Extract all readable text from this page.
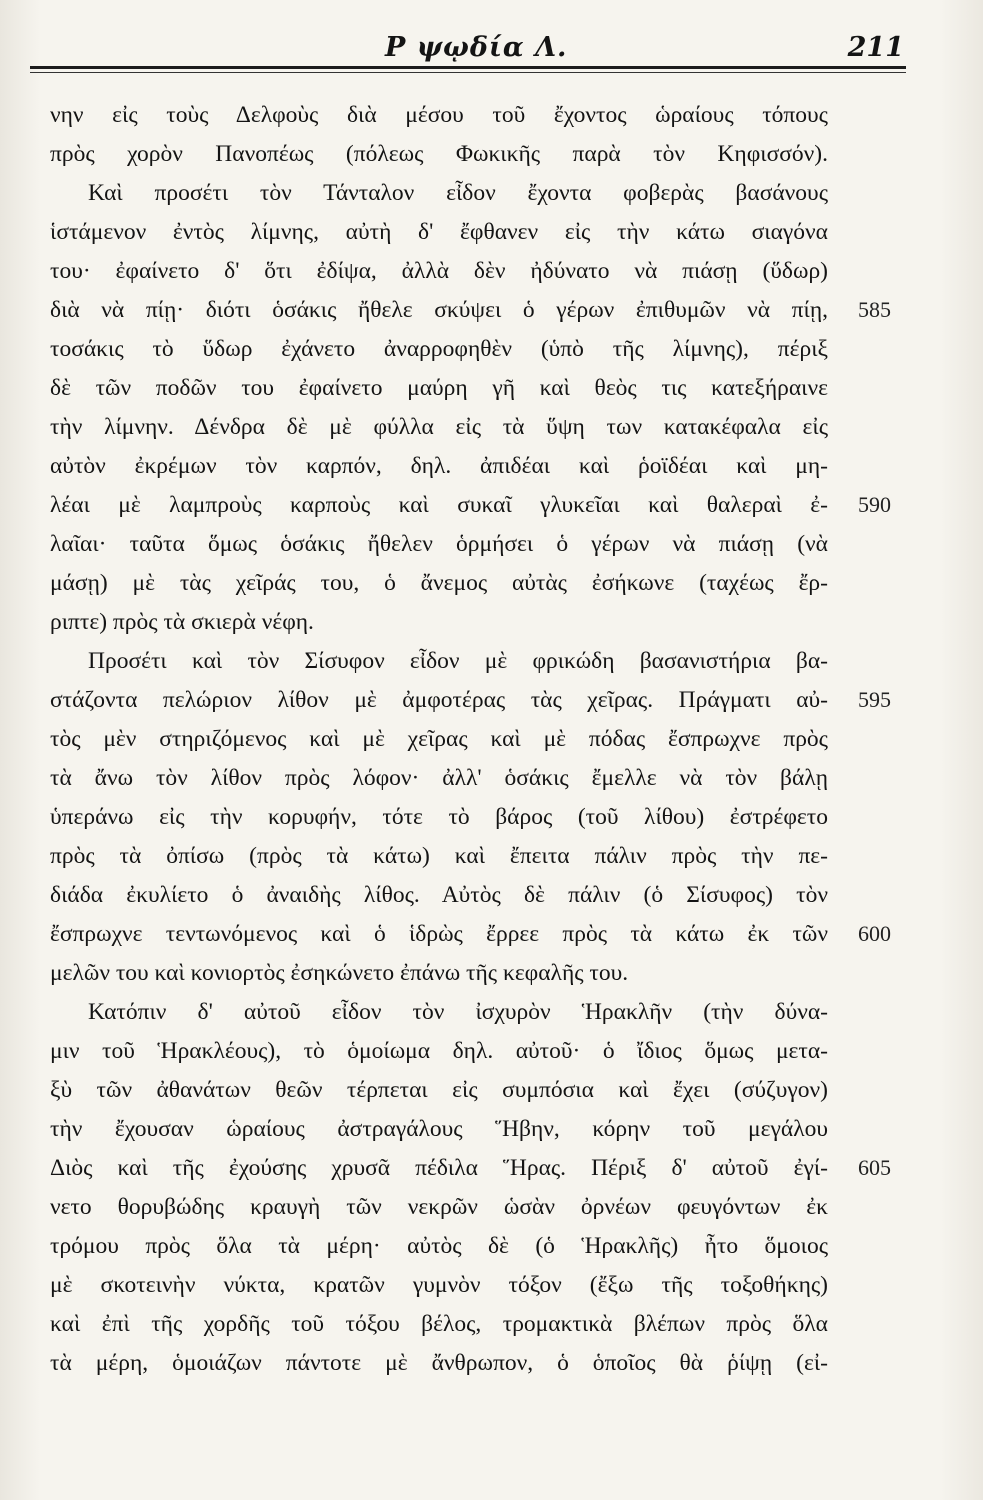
Ρ ψῳδία Λ.	211
νην εἰς τοὺς Δελφοὺς διὰ μέσου τοῦ ἔχοντος ὡραίους τόπους
πρὸς χορὸν Πανοπέως (πόλεως Φωκικῆς παρὰ τὸν Κηφισσόν).
Καὶ προσέτι τὸν Τάνταλον εἶδον ἔχοντα φοβερὰς βασάνους
ἱστάμενον ἐντὸς λίμνης, αὐτὴ δ' ἔφθανεν εἰς τὴν κάτω σιαγόνα
του· ἐφαίνετο δ' ὅτι ἐδίψα, ἀλλὰ δὲν ἠδύνατο νὰ πιάσῃ (ὕδωρ)
διὰ νὰ πίῃ· διότι ὁσάκις ἤθελε σκύψει ὁ γέρων ἐπιθυμῶν νὰ πίῃ,
τοσάκις τὸ ὕδωρ ἐχάνετο ἀναρροφηθὲν (ὑπὸ τῆς λίμνης), πέριξ
δὲ τῶν ποδῶν του ἐφαίνετο μαύρη γῆ καὶ θεὸς τις κατεξήραινε
τὴν λίμνην. Δένδρα δὲ μὲ φύλλα εἰς τὰ ὕψη των κατακέφαλα εἰς
αὐτὸν ἐκρέμων τὸν καρπόν, δηλ. ἀπιδέαι καὶ ῥοϊδέαι καὶ μη-
λέαι μὲ λαμπροὺς καρποὺς καὶ συκαῖ γλυκεῖαι καὶ θαλεραὶ ἐ-
λαῖαι· ταῦτα ὅμως ὁσάκις ἤθελεν ὁρμήσει ὁ γέρων νὰ πιάσῃ (νὰ
μάσῃ) μὲ τὰς χεῖράς του, ὁ ἄνεμος αὐτὰς ἐσήκωνε (ταχέως ἔρ-
ριπτε) πρὸς τὰ σκιερὰ νέφη.
Προσέτι καὶ τὸν Σίσυφον εἶδον μὲ φρικώδη βασανιστήρια βα-
στάζοντα πελώριον λίθον μὲ ἀμφοτέρας τὰς χεῖρας. Πράγματι αὐ-
τὸς μὲν στηριζόμενος καὶ μὲ χεῖρας καὶ μὲ πόδας ἔσπρωχνε πρὸς
τὰ ἄνω τὸν λίθον πρὸς λόφον· ἀλλ' ὁσάκις ἔμελλε νὰ τὸν βάλῃ
ὑπεράνω εἰς τὴν κορυφήν, τότε τὸ βάρος (τοῦ λίθου) ἐστρέφετο
πρὸς τὰ ὀπίσω (πρὸς τὰ κάτω) καὶ ἔπειτα πάλιν πρὸς τὴν πε-
διάδα ἐκυλίετο ὁ ἀναιδὴς λίθος. Αὐτὸς δὲ πάλιν (ὁ Σίσυφος) τὸν
ἔσπρωχνε τεντωνόμενος καὶ ὁ ἱδρὼς ἔρρεε πρὸς τὰ κάτω ἐκ τῶν
μελῶν του καὶ κονιορτὸς ἐσηκώνετο ἐπάνω τῆς κεφαλῆς του.
Κατόπιν δ' αὐτοῦ εἶδον τὸν ἰσχυρὸν Ἡρακλῆν (τὴν δύνα-
μιν τοῦ Ἡρακλέους), τὸ ὁμοίωμα δηλ. αὐτοῦ· ὁ ἴδιος ὅμως μετα-
ξὺ τῶν ἀθανάτων θεῶν τέρπεται εἰς συμπόσια καὶ ἔχει (σύζυγον)
τὴν ἔχουσαν ὡραίους ἀστραγάλους Ἥβην, κόρην τοῦ μεγάλου
Διὸς καὶ τῆς ἐχούσης χρυσᾶ πέδιλα Ἥρας. Πέριξ δ' αὐτοῦ ἐγί-
νετο θορυβώδης κραυγὴ τῶν νεκρῶν ὡσὰν ὀρνέων φευγόντων ἐκ
τρόμου πρὸς ὅλα τὰ μέρη· αὐτὸς δὲ (ὁ Ἡρακλῆς) ἦτο ὅμοιος
μὲ σκοτεινὴν νύκτα, κρατῶν γυμνὸν τόξον (ἔξω τῆς τοξοθήκης)
καὶ ἐπὶ τῆς χορδῆς τοῦ τόξου βέλος, τρομακτικὰ βλέπων πρὸς ὅλα
τὰ μέρη, ὁμοιάζων πάντοτε μὲ ἄνθρωπον, ὁ ὁποῖος θὰ ῥίψῃ (εἰ-
585
590
595
600
605
